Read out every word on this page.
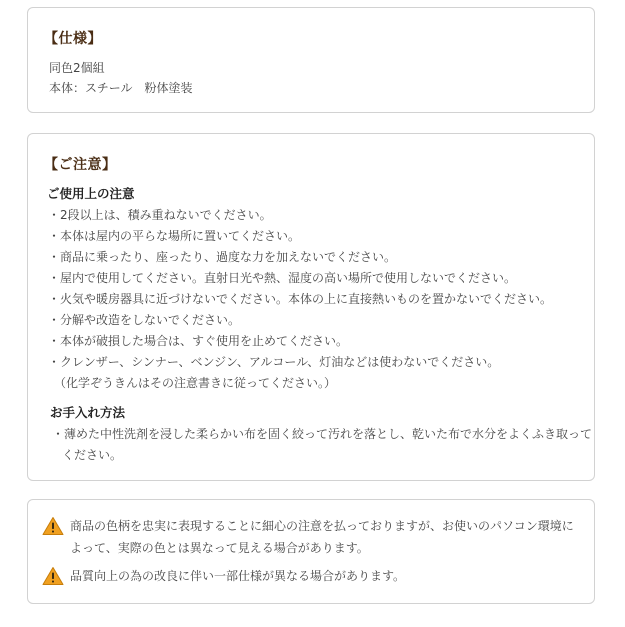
【仕様】
同色2個組
本体：スチール　粉体塗装
【ご注意】
ご使用上の注意
・2段以上は、積み重ねないでください。
・本体は屋内の平らな場所に置いてください。
・商品に乗ったり、座ったり、過度な力を加えないでください。
・屋内で使用してください。直射日光や熱、湿度の高い場所で使用しないでください。
・火気や暖房器具に近づけないでください。本体の上に直接熱いものを置かないでください。
・分解や改造をしないでください。
・本体が破損した場合は、すぐ使用を止めてください。
・クレンザー、シンナー、ベンジン、アルコール、灯油などは使わないでください。
（化学ぞうきんはその注意書きに従ってください。）
お手入れ方法
・薄めた中性洗剤を浸した柔らかい布を固く絞って汚れを落とし、乾いた布で水分をよくふき取ってください。
商品の色柄を忠実に表現することに細心の注意を払っておりますが、お使いのパソコン環境によって、実際の色とは異なって見える場合があります。
品質向上の為の改良に伴い一部仕様が異なる場合があります。
